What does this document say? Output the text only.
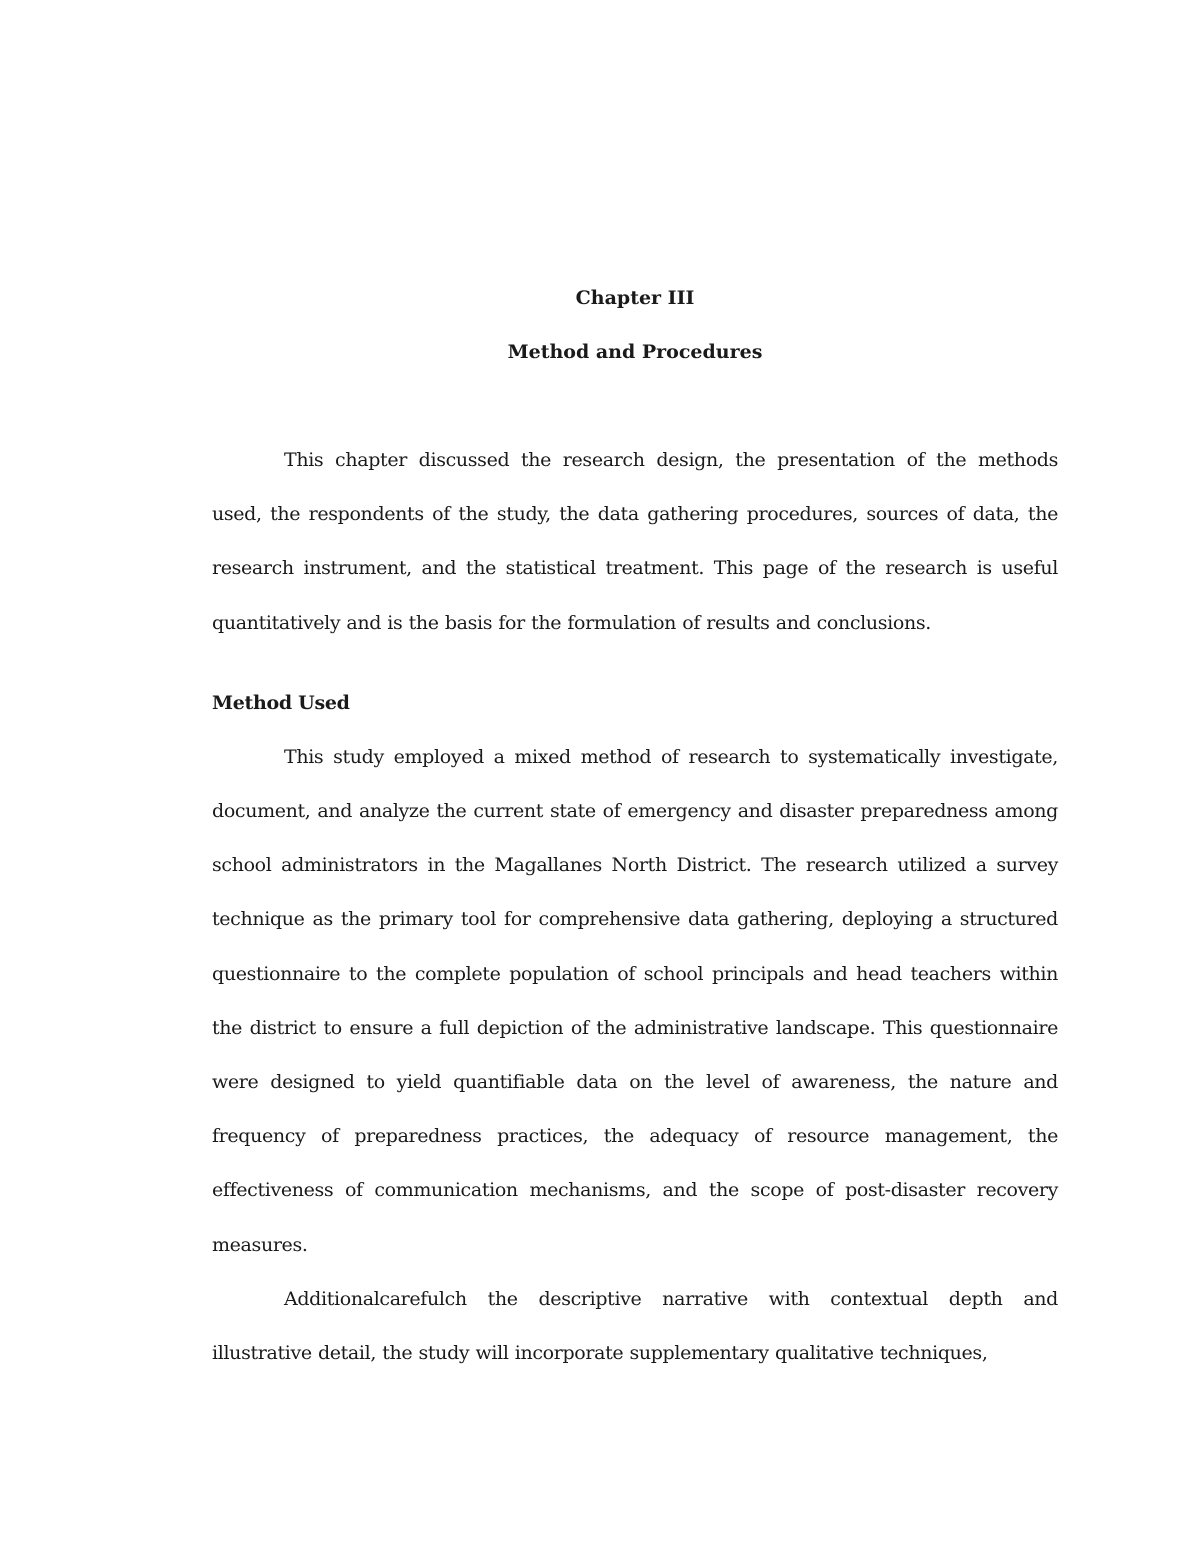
Chapter III
Method and Procedures

This chapter discussed the research design, the presentation of the methods used, the respondents of the study, the data gathering procedures, sources of data, the research instrument, and the statistical treatment. This page of the research is useful quantitatively and is the basis for the formulation of results and conclusions.

Method Used

This study employed a mixed method of research to systematically investigate, document, and analyze the current state of emergency and disaster preparedness among school administrators in the Magallanes North District. The research utilized a survey technique as the primary tool for comprehensive data gathering, deploying a structured questionnaire to the complete population of school principals and head teachers within the district to ensure a full depiction of the administrative landscape. This questionnaire were designed to yield quantifiable data on the level of awareness, the nature and frequency of preparedness practices, the adequacy of resource management, the effectiveness of communication mechanisms, and the scope of post-disaster recovery measures.

Additionalcarefulch the descriptive narrative with contextual depth and illustrative detail, the study will incorporate supplementary qualitative techniques,
